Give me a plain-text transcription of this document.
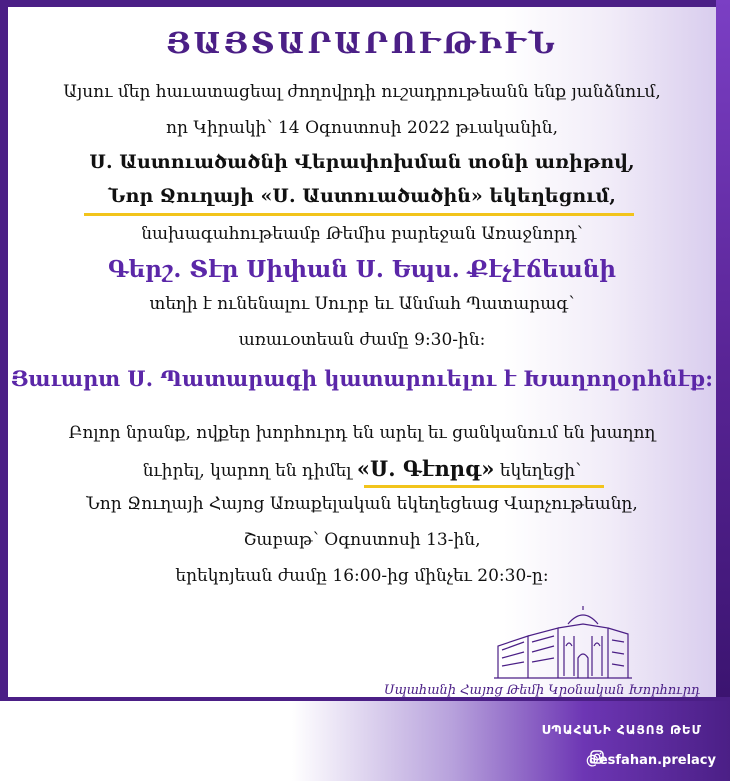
ՅԱՅՏԱՐԱՐՈՒԹԻՒՆ
Այսու մեր հաւատացեալ ժողովրդի ուշադրութեանն ենք յանձնում,
որ Կիրակի՝ 14 Օգոստոսի 2022 թւականին,
Ս. Աստուածածնի Վերափոխման տօնի առիթով,
Նոր Ջուղայի «Ս. Աստուածածին» եկեղեցում,
նախագահութեամբ Թեմիս բարեջան Առաջնորդ՝
Գերշ. Տէր Սիփան Ս. Եպս. Քէչէճեանի
տեղի է ունենալու Սուրբ եւ Անմահ Պատարագ՝
առաւօտեան ժամը 9:30-ին:
Յաւարտ Ս. Պատարագի կատարուելու է Խաղողօրհնէք:
Բոլոր նրանք, ովքեր խորհուրդ են արել եւ ցանկանում են խաղող
նւիրել, կարող են դիմել «Ս. Գէորգ» եկեղեցի՝
Նոր Ջուղայի Հայոց Առաքելական եկեղեցեաց Վարչութեանը,
Շաբաթ՝ Օգոստոսի 13-ին,
երեկոյեան ժամը 16:00-ից մինչեւ 20:30-ը:
Սպահանի Հայոց Թեմի Կրօնական Խորհուրդ
ՍՊԱՀԱՆԻ ՀԱՅՈՑ ԹԵՄ
@esfahan.prelacy
